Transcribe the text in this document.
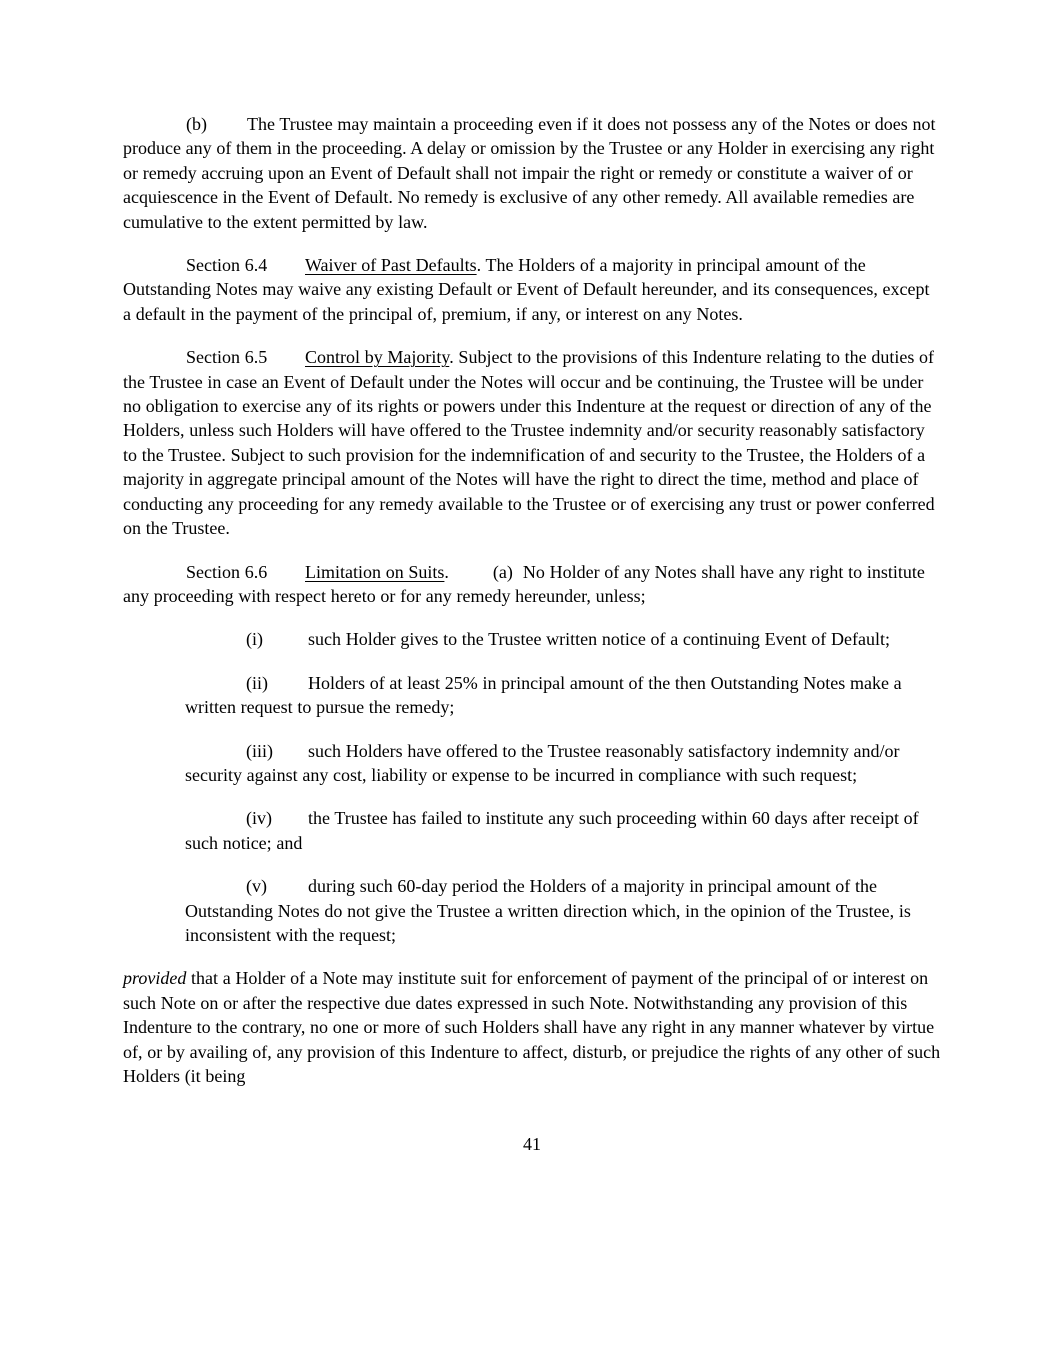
(b) The Trustee may maintain a proceeding even if it does not possess any of the Notes or does not produce any of them in the proceeding. A delay or omission by the Trustee or any Holder in exercising any right or remedy accruing upon an Event of Default shall not impair the right or remedy or constitute a waiver of or acquiescence in the Event of Default. No remedy is exclusive of any other remedy. All available remedies are cumulative to the extent permitted by law.

Section 6.4 Waiver of Past Defaults. The Holders of a majority in principal amount of the Outstanding Notes may waive any existing Default or Event of Default hereunder, and its consequences, except a default in the payment of the principal of, premium, if any, or interest on any Notes.

Section 6.5 Control by Majority. Subject to the provisions of this Indenture relating to the duties of the Trustee in case an Event of Default under the Notes will occur and be continuing, the Trustee will be under no obligation to exercise any of its rights or powers under this Indenture at the request or direction of any of the Holders, unless such Holders will have offered to the Trustee indemnity and/or security reasonably satisfactory to the Trustee. Subject to such provision for the indemnification of and security to the Trustee, the Holders of a majority in aggregate principal amount of the Notes will have the right to direct the time, method and place of conducting any proceeding for any remedy available to the Trustee or of exercising any trust or power conferred on the Trustee.

Section 6.6 Limitation on Suits. (a) No Holder of any Notes shall have any right to institute any proceeding with respect hereto or for any remedy hereunder, unless;

(i)	such Holder gives to the Trustee written notice of a continuing Event of Default;
(ii) Holders of at least 25% in principal amount of the then Outstanding Notes make a written request to pursue the remedy;
(iii) such Holders have offered to the Trustee reasonably satisfactory indemnity and/or security against any cost, liability or expense to be incurred in compliance with such request;
(iv) the Trustee has failed to institute any such proceeding within 60 days after receipt of such notice; and
(v) during such 60-day period the Holders of a majority in principal amount of the Outstanding Notes do not give the Trustee a written direction which, in the opinion of the Trustee, is inconsistent with the request;

provided that a Holder of a Note may institute suit for enforcement of payment of the principal of or interest on such Note on or after the respective due dates expressed in such Note. Notwithstanding any provision of this Indenture to the contrary, no one or more of such Holders shall have any right in any manner whatever by virtue of, or by availing of, any provision of this Indenture to affect, disturb, or prejudice the rights of any other of such Holders (it being

41
